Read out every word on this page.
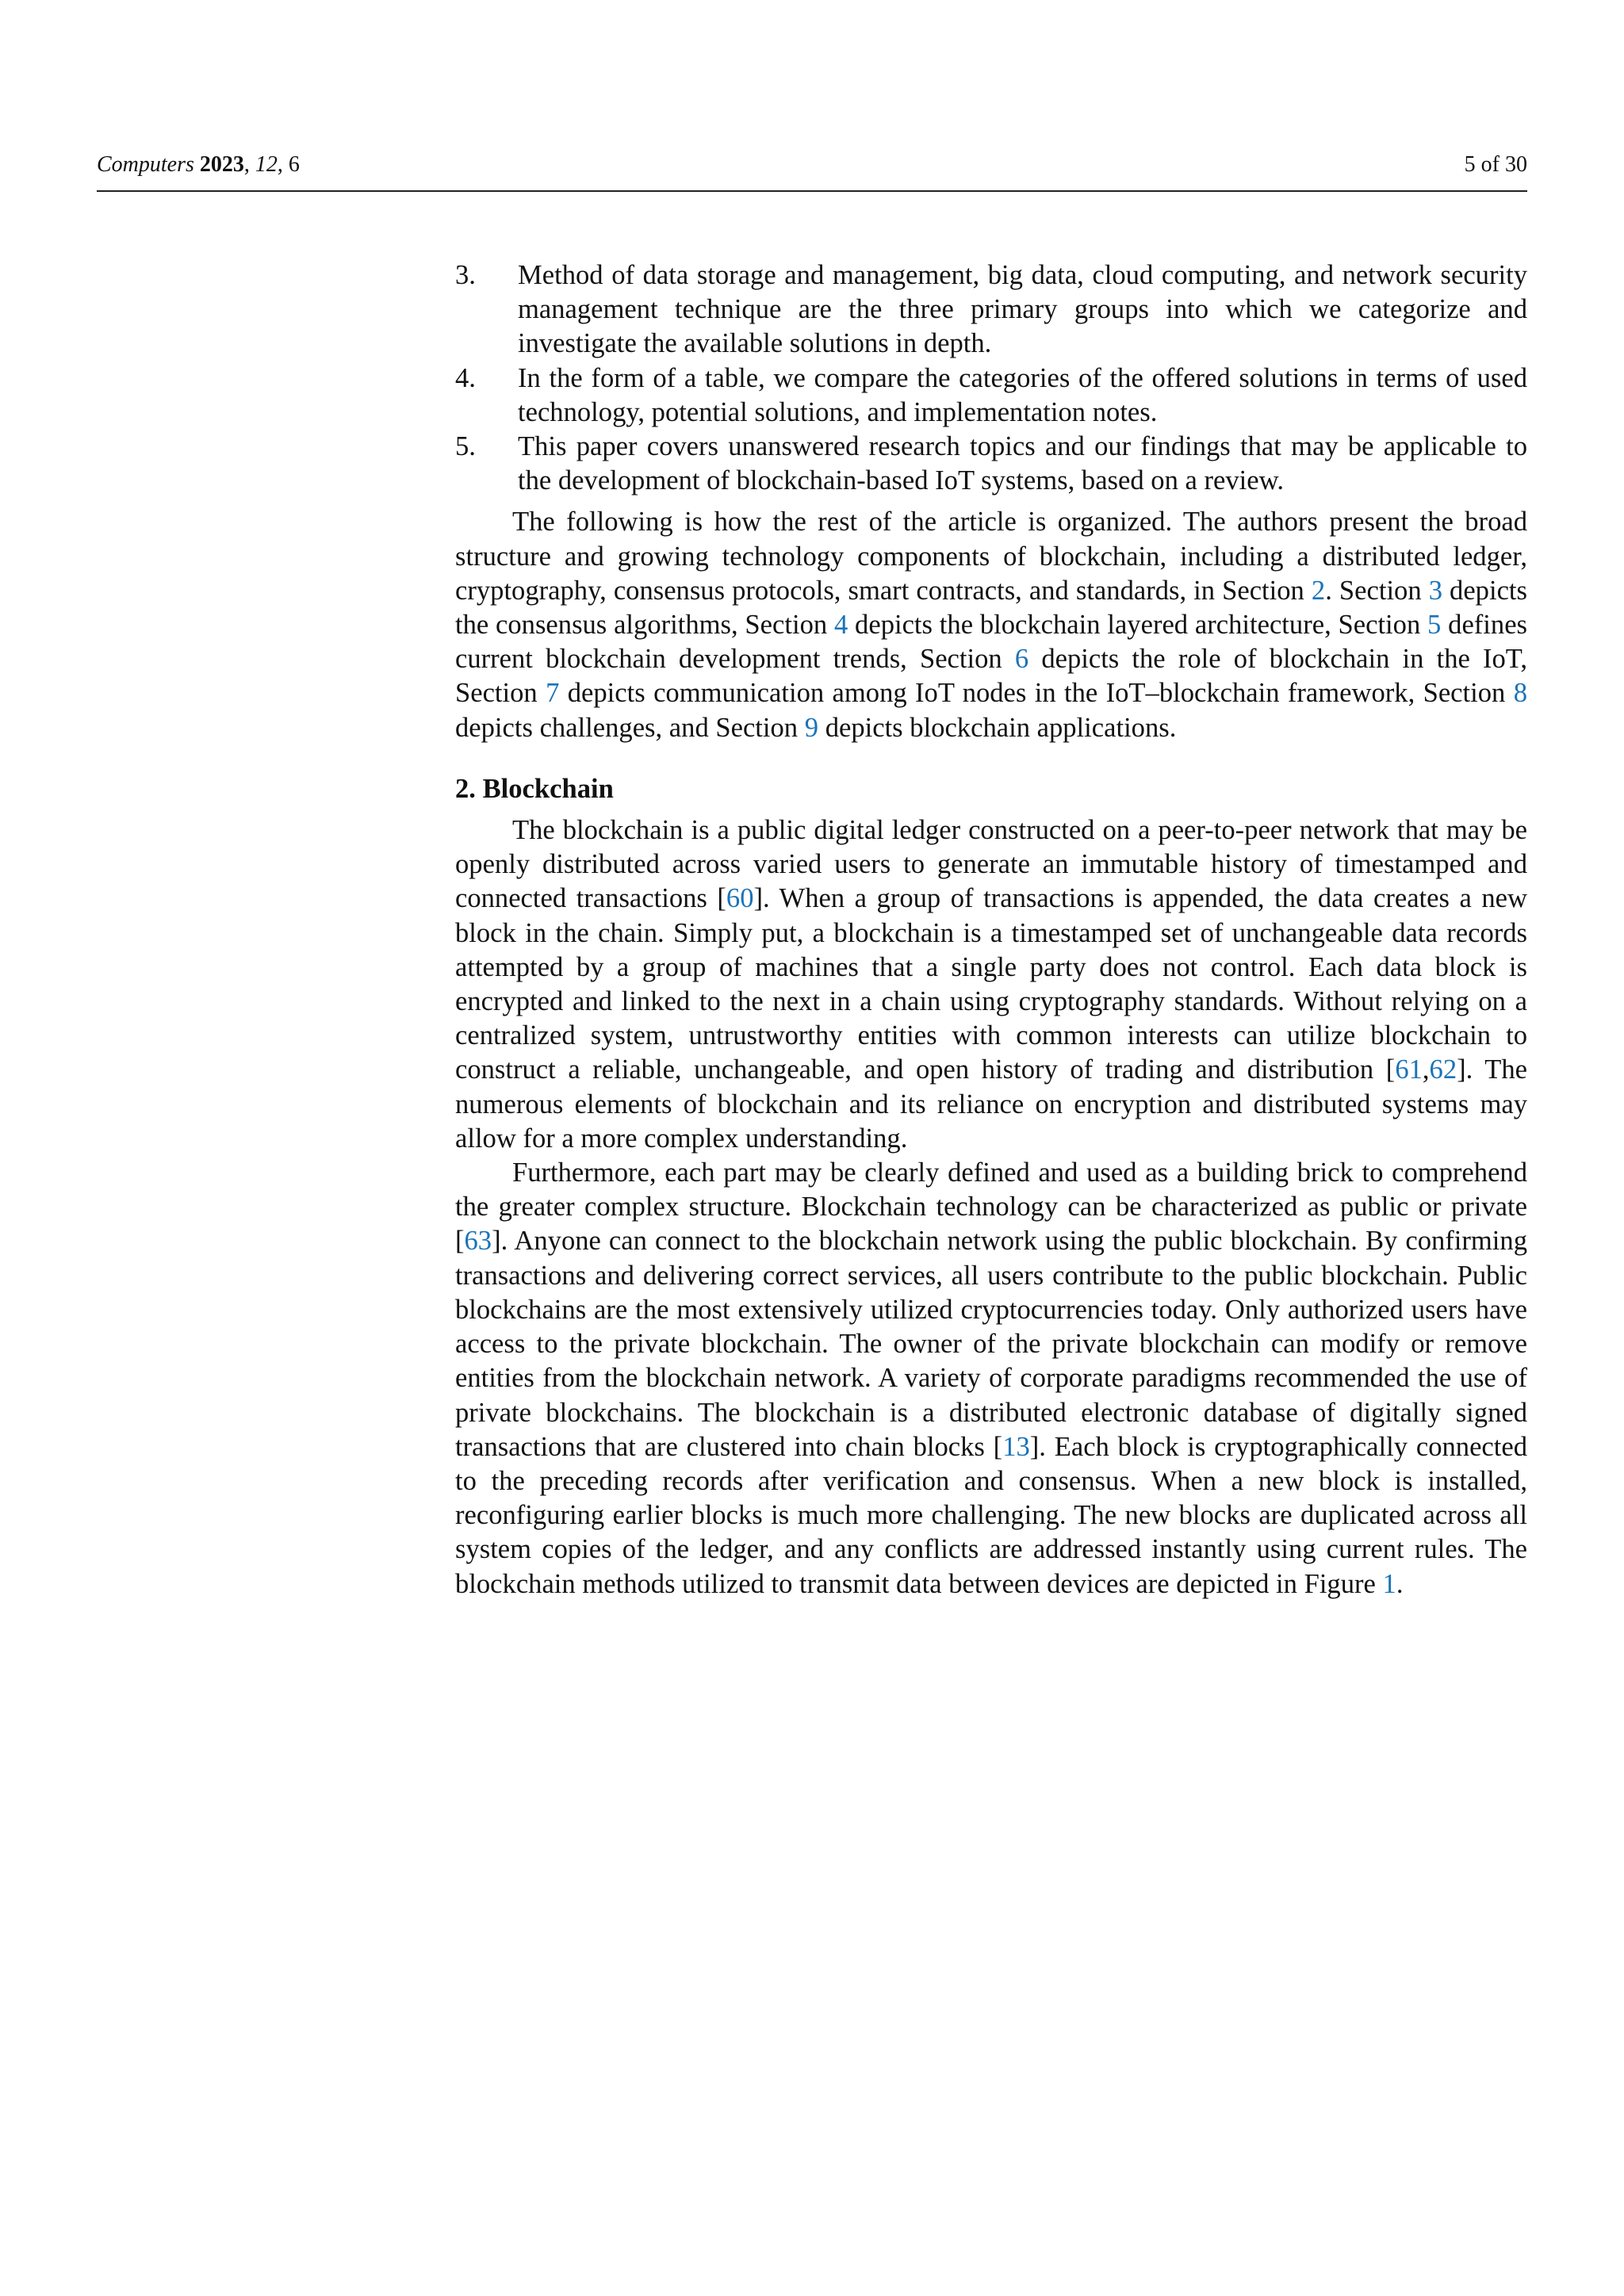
Computers 2023, 12, 6	5 of 30
3. Method of data storage and management, big data, cloud computing, and network security management technique are the three primary groups into which we categorize and investigate the available solutions in depth.
4. In the form of a table, we compare the categories of the offered solutions in terms of used technology, potential solutions, and implementation notes.
5. This paper covers unanswered research topics and our findings that may be applicable to the development of blockchain-based IoT systems, based on a review.

The following is how the rest of the article is organized. The authors present the broad structure and growing technology components of blockchain, including a distributed ledger, cryptography, consensus protocols, smart contracts, and standards, in Section 2. Section 3 depicts the consensus algorithms, Section 4 depicts the blockchain layered architecture, Section 5 defines current blockchain development trends, Section 6 depicts the role of blockchain in the IoT, Section 7 depicts communication among IoT nodes in the IoT–blockchain framework, Section 8 depicts challenges, and Section 9 depicts blockchain applications.

2. Blockchain

The blockchain is a public digital ledger constructed on a peer-to-peer network that may be openly distributed across varied users to generate an immutable history of timestamped and connected transactions [60]. When a group of transactions is appended, the data creates a new block in the chain. Simply put, a blockchain is a timestamped set of unchangeable data records attempted by a group of machines that a single party does not control. Each data block is encrypted and linked to the next in a chain using cryptography standards. Without relying on a centralized system, untrustworthy entities with common interests can utilize blockchain to construct a reliable, unchangeable, and open history of trading and distribution [61,62]. The numerous elements of blockchain and its reliance on encryption and distributed systems may allow for a more complex understanding.

Furthermore, each part may be clearly defined and used as a building brick to comprehend the greater complex structure. Blockchain technology can be characterized as public or private [63]. Anyone can connect to the blockchain network using the public blockchain. By confirming transactions and delivering correct services, all users contribute to the public blockchain. Public blockchains are the most extensively utilized cryptocurrencies today. Only authorized users have access to the private blockchain. The owner of the private blockchain can modify or remove entities from the blockchain network. A variety of corporate paradigms recommended the use of private blockchains. The blockchain is a distributed electronic database of digitally signed transactions that are clustered into chain blocks [13]. Each block is cryptographically connected to the preceding records after verification and consensus. When a new block is installed, reconfiguring earlier blocks is much more challenging. The new blocks are duplicated across all system copies of the ledger, and any conflicts are addressed instantly using current rules. The blockchain methods utilized to transmit data between devices are depicted in Figure 1.
